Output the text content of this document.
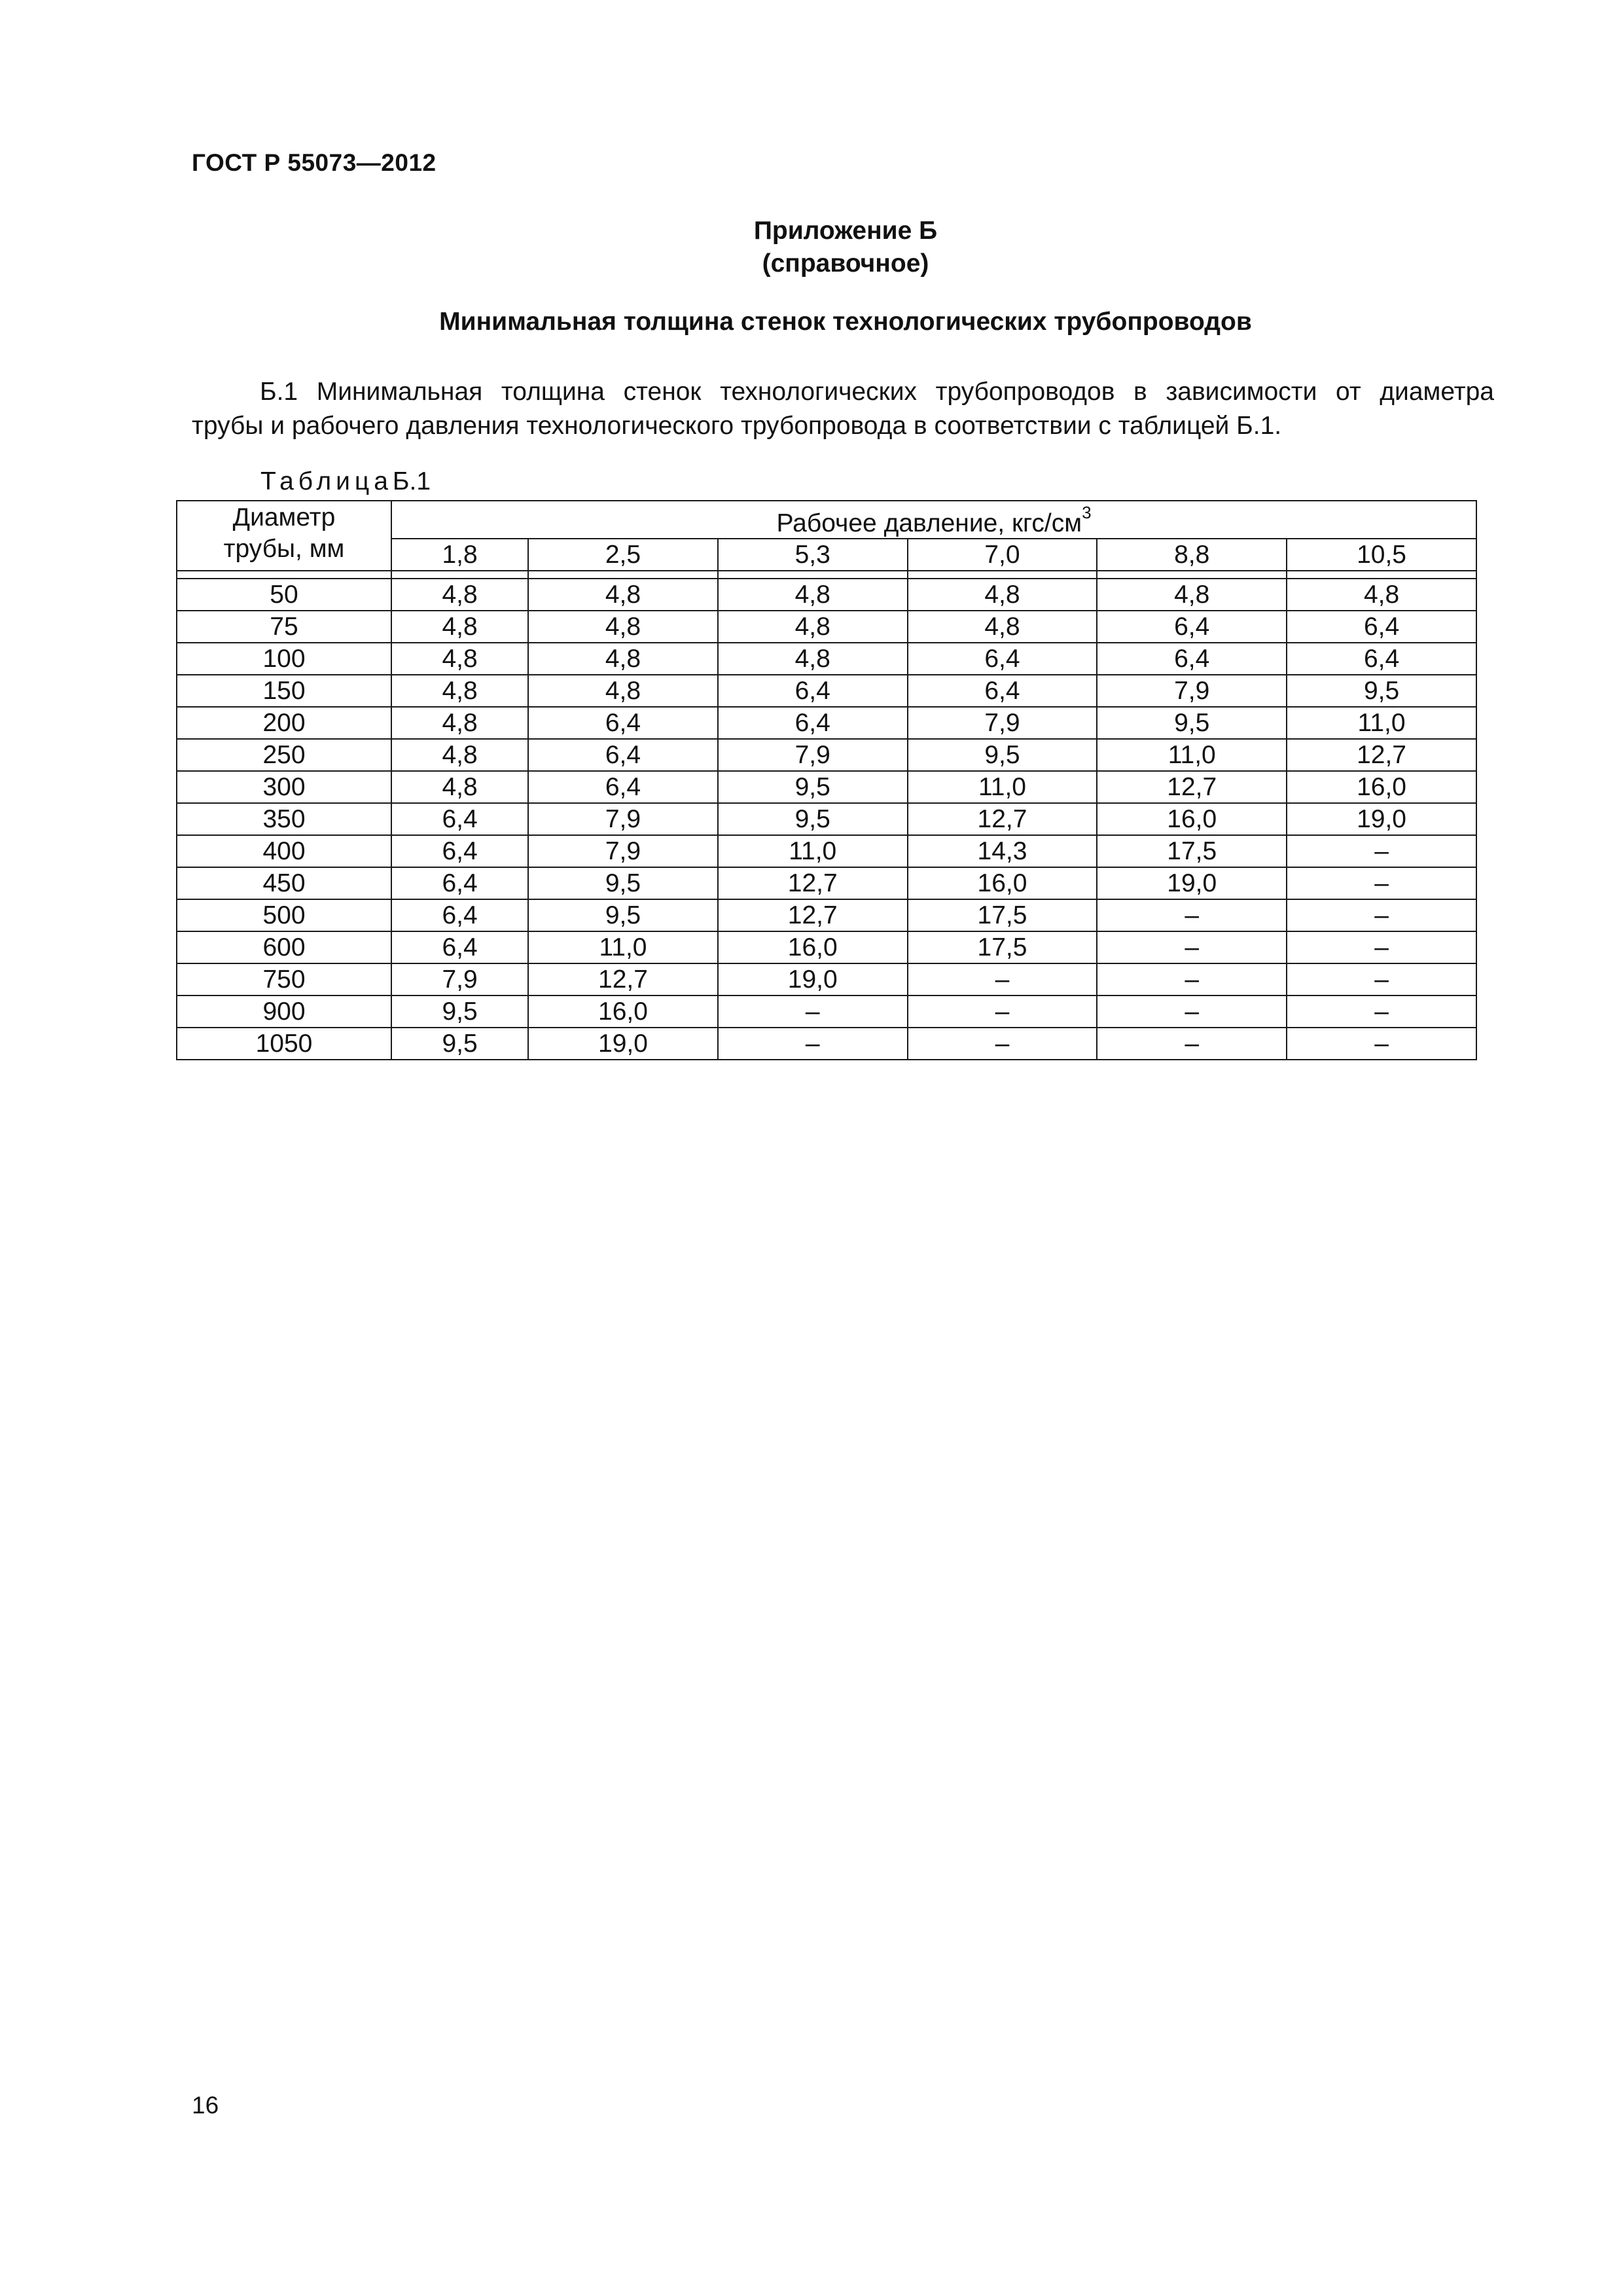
ГОСТ Р 55073—2012
Приложение Б
(справочное)
Минимальная толщина стенок технологических трубопроводов
Б.1 Минимальная толщина стенок технологических трубопроводов в зависимости от диаметра
трубы и рабочего давления технологического трубопровода в соответствии с таблицей Б.1.
ТаблицаБ.1
Диаметр
трубы, мм	Рабочее давление, кгс/$см^3$
	1,8	2,5	5,3	7,0	8,8	10,5

50	4,8	4,8	4,8	4,8	4,8	4,8
75	4,8	4,8	4,8	4,8	6,4	6,4
100	4,8	4,8	4,8	6,4	6,4	6,4
150	4,8	4,8	6,4	6,4	7,9	9,5
200	4,8	6,4	6,4	7,9	9,5	11,0
250	4,8	6,4	7,9	9,5	11,0	12,7
300	4,8	6,4	9,5	11,0	12,7	16,0
350	6,4	7,9	9,5	12,7	16,0	19,0
400	6,4	7,9	11,0	14,3	17,5	–
450	6,4	9,5	12,7	16,0	19,0	–
500	6,4	9,5	12,7	17,5	–	–
600	6,4	11,0	16,0	17,5	–	–
750	7,9	12,7	19,0	–	–	–
900	9,5	16,0	–	–	–	–
1050	9,5	19,0	–	–	–	–
16
